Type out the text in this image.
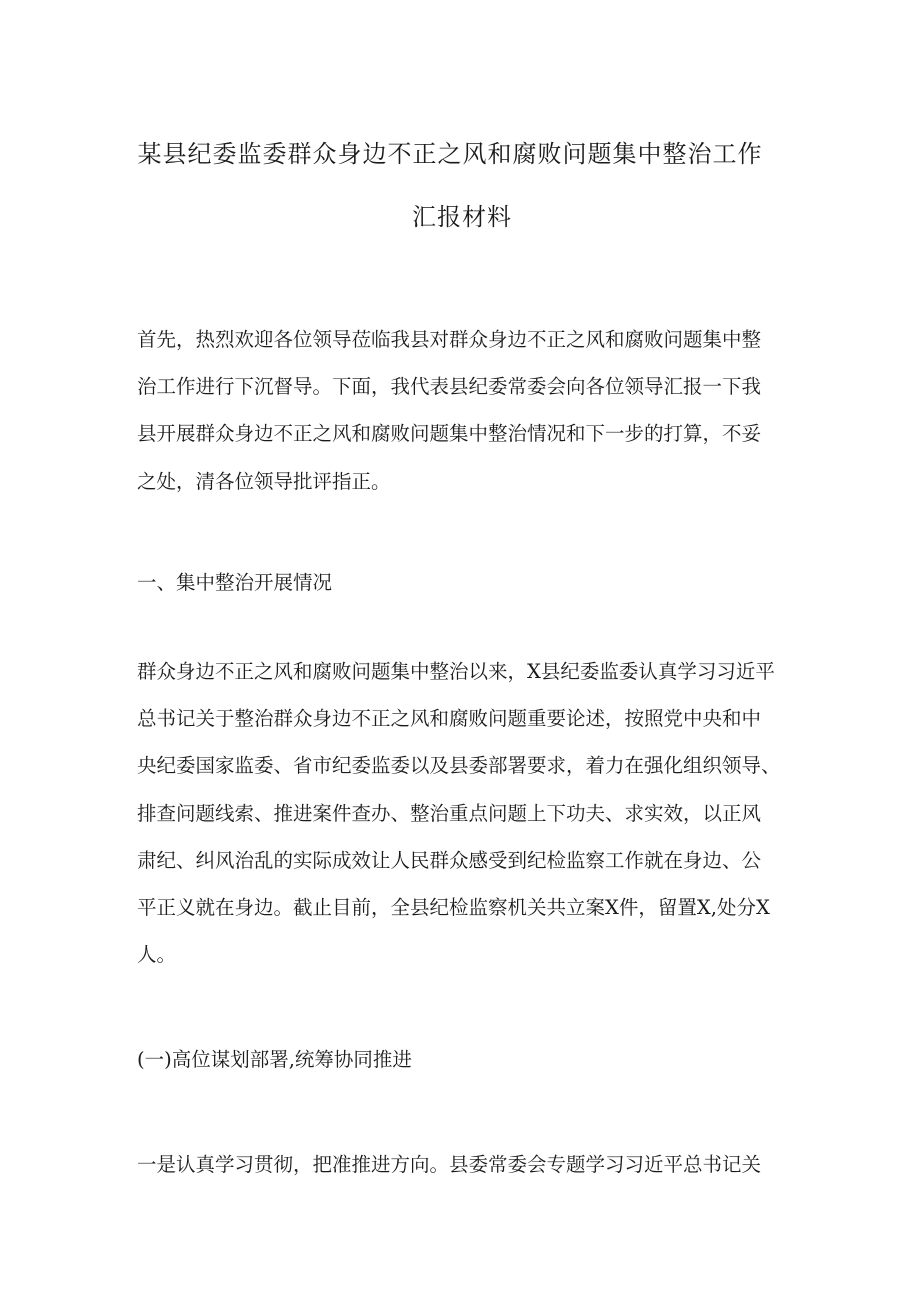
某县纪委监委群众身边不正之风和腐败问题集中整治工作
汇报材料
首先，热烈欢迎各位领导莅临我县对群众身边不正之风和腐败问题集中整
治工作进行下沉督导。下面，我代表县纪委常委会向各位领导汇报一下我
县开展群众身边不正之风和腐败问题集中整治情况和下一步的打算，不妥
之处，清各位领导批评指正。
一、集中整治开展情况
群众身边不正之风和腐败问题集中整治以来，X县纪委监委认真学习习近平
总书记关于整治群众身边不正之风和腐败问题重要论述，按照党中央和中
央纪委国家监委、省市纪委监委以及县委部署要求，着力在强化组织领导、
排查问题线索、推进案件查办、整治重点问题上下功夫、求实效，以正风
肃纪、纠风治乱的实际成效让人民群众感受到纪检监察工作就在身边、公
平正义就在身边。截止目前，全县纪检监察机关共立案X件，留置X,处分X
人。
(一)高位谋划部署,统筹协同推进
一是认真学习贯彻，把准推进方向。县委常委会专题学习习近平总书记关
